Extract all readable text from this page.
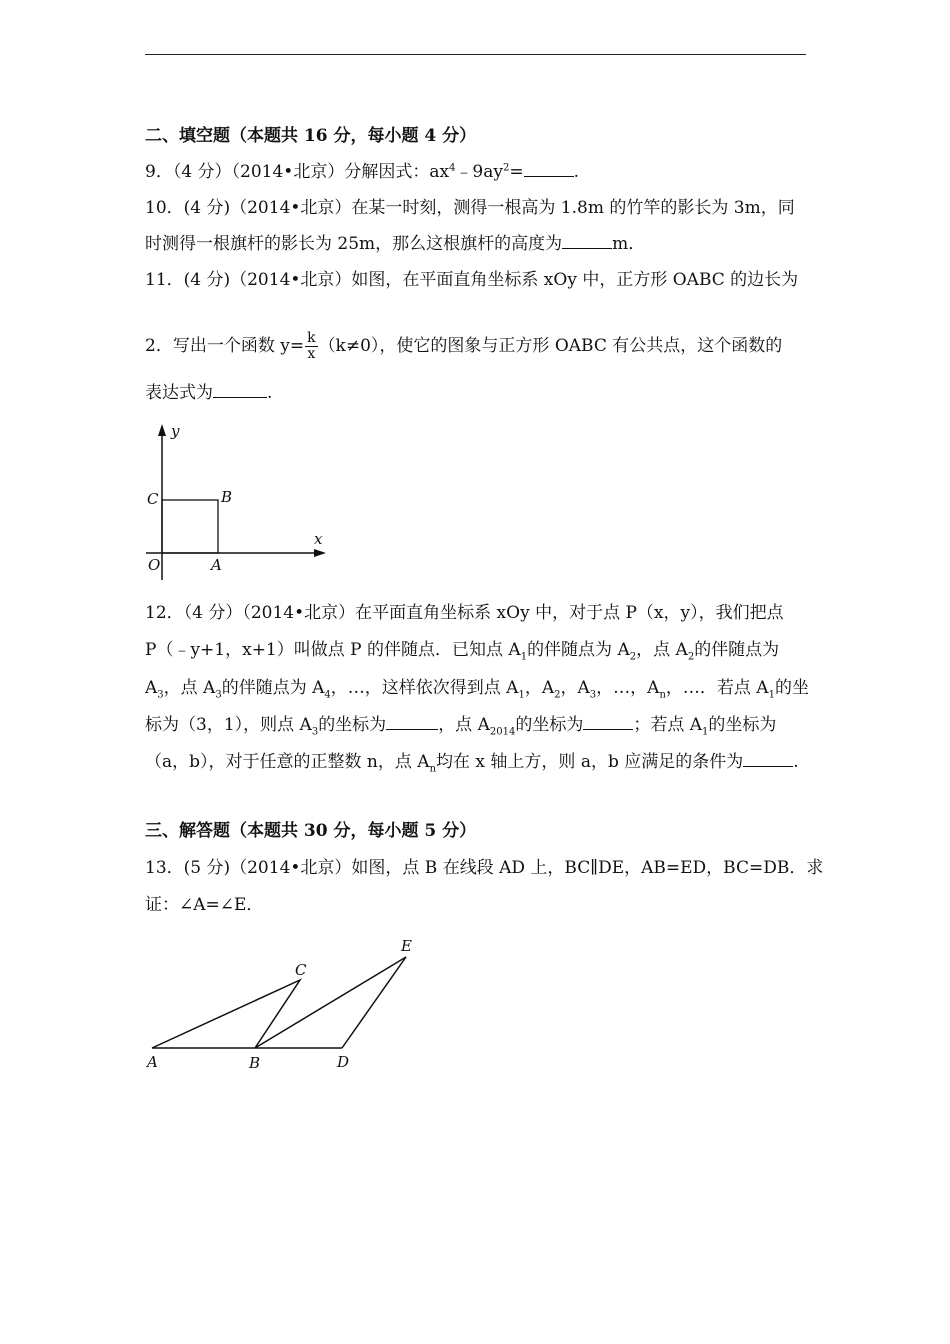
二、填空题（本题共 16 分，每小题 4 分）
9．（4 分）（2014•北京）分解因式：$ax^4﹣9ay^2=$	.
10．(4 分)（2014•北京）在某一时刻，测得一根高为 1.8m 的竹竿的影长为 3m，同
时测得一根旗杆的影长为 25m，那么这根旗杆的高度为	m．
11．(4 分)（2014•北京）如图，在平面直角坐标系 xOy 中，正方形 OABC 的边长为
2．写出一个函数 $y= \frac{k}{x} (k\ne 0)$，使它的图象与正方形 OABC 有公共点，这个函数的
表达式为	.
y
x
C	B
O	A
12．（4 分）（2014•北京）在平面直角坐标系 xOy 中，对于点 P（x，y），我们把点
P（﹣y+1，x+1）叫做点 P 的伴随点．已知点 $A_1$的伴随点为 $A_2$，点 $A_2$的伴随点为
$A_3$，点 $A_3$的伴随点为 $A_4$，…，这样依次得到点 $A_1$，$A_2$，$A_3$，…，$A_n$，…．若点 $A_1$的坐
标为（3，1），则点 $A_3$的坐标为	，点 $A_{2014}$的坐标为	；若点 $A_1$的坐标为
（a，b），对于任意的正整数 n，点 $A_n$均在 x 轴上方，则 a，b 应满足的条件为	.
三、解答题（本题共 30 分，每小题 5 分）
13．(5 分)（2014•北京）如图，点 B 在线段 AD 上，BC∥DE，AB=ED，BC=DB．求
证：∠A=∠E．
A	B
C
D
E
